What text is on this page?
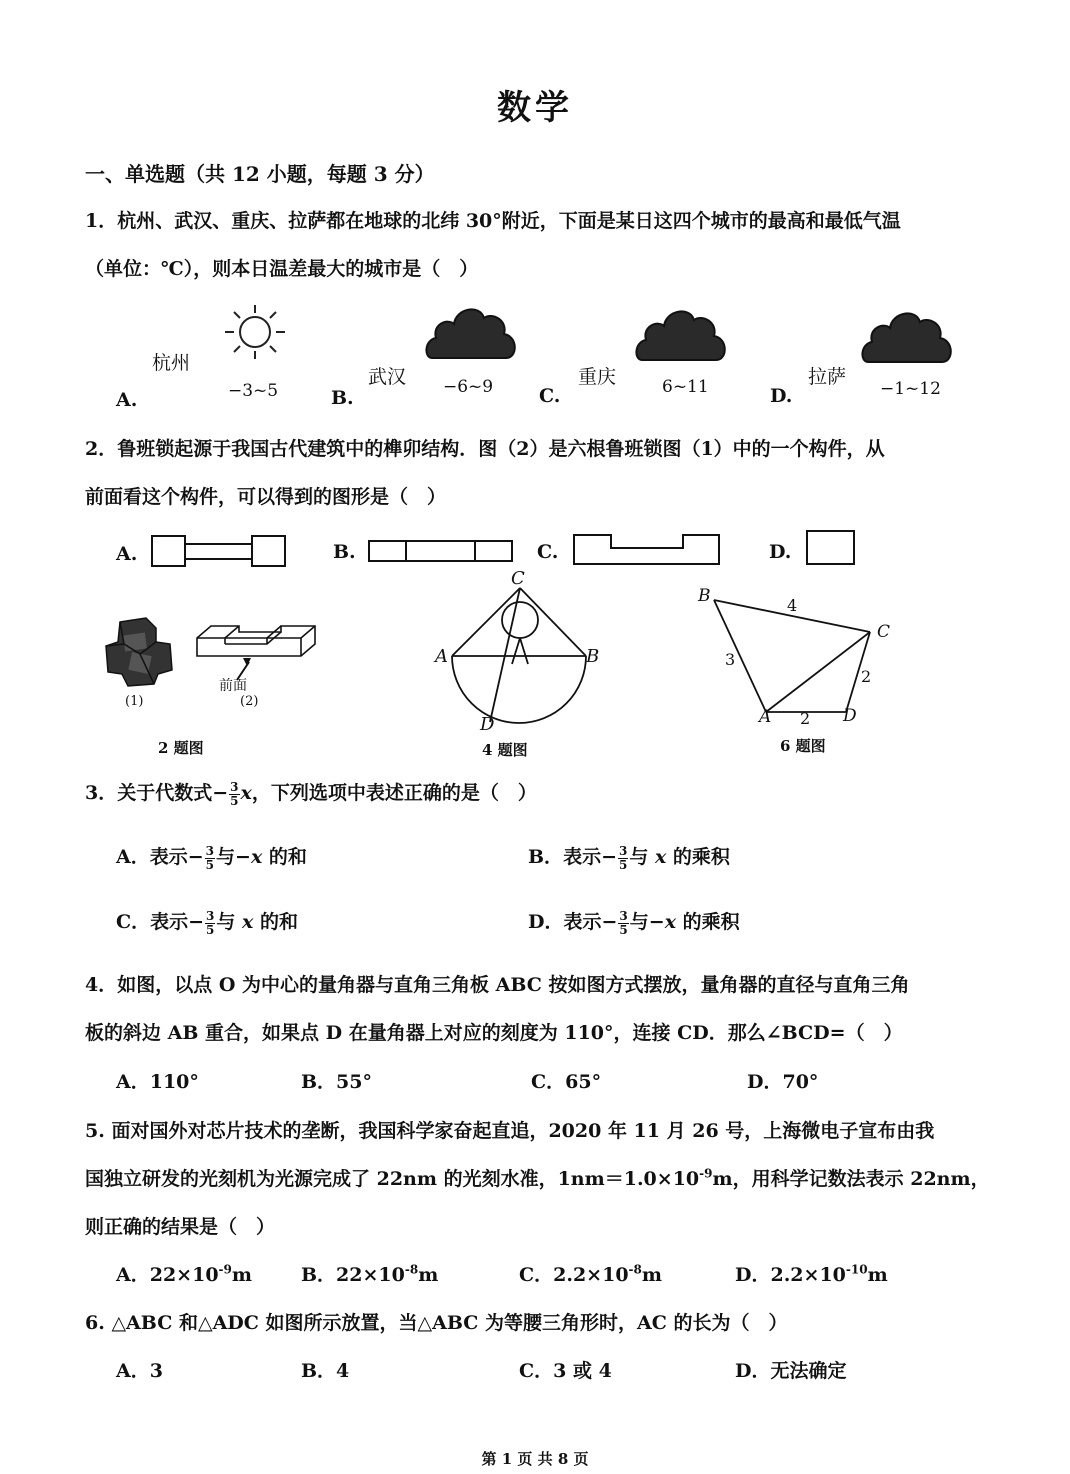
数学
一、单选题（共 12 小题，每题 3 分）
1．杭州、武汉、重庆、拉萨都在地球的北纬 30°附近，下面是某日这四个城市的最高和最低气温
（单位：℃），则本日温差最大的城市是（　）
杭州
−3~5
A.
武汉 −6~9
B.
重庆	6~11
C.
拉萨
−1~12
D.
2．鲁班锁起源于我国古代建筑中的榫卯结构．图（2）是六根鲁班锁图（1）中的一个构件，从
前面看这个构件，可以得到的图形是（　）
A.	B.	C.	D.
前面
(1)	(2)
2 题图
C
A	B
D
4 题图
B
C
A	D
4
3
2
2
6 题图
3．关于代数式− $\frac{3}{5}$ x，下列选项中表述正确的是（　）
A．表示− $\frac{3}{5}$ 与−x 的和	B．表示− $\frac{3}{5}$ 与 x 的乘积
C．表示− $\frac{3}{5}$ 与 x 的和	D．表示− $\frac{3}{5}$ 与−x 的乘积
4．如图，以点 O 为中心的量角器与直角三角板 ABC 按如图方式摆放，量角器的直径与直角三角
板的斜边 AB 重合，如果点 D 在量角器上对应的刻度为 110°，连接 CD．那么∠BCD=（　）
A．110°	B．55°	C．65°	D．70°
5. 面对国外对芯片技术的垄断，我国科学家奋起直追，2020 年 11 月 26 号，上海微电子宣布由我
国独立研发的光刻机为光源完成了 22nm 的光刻水准，$1nm=1.0\times 10^{-9}m$，用科学记数法表示 22nm，
则正确的结果是（　）
A．$22\times 10^{-9}m$	B．$22\times 10^{-8}m$	C．$2.2\times 10^{-8}m$	D．$2.2\times 10^{-10}m$
6. △ABC 和△ADC 如图所示放置，当△ABC 为等腰三角形时，AC 的长为（　）
A．3	B．4	C．3 或 4	D．无法确定
第 1 页 共 8 页
